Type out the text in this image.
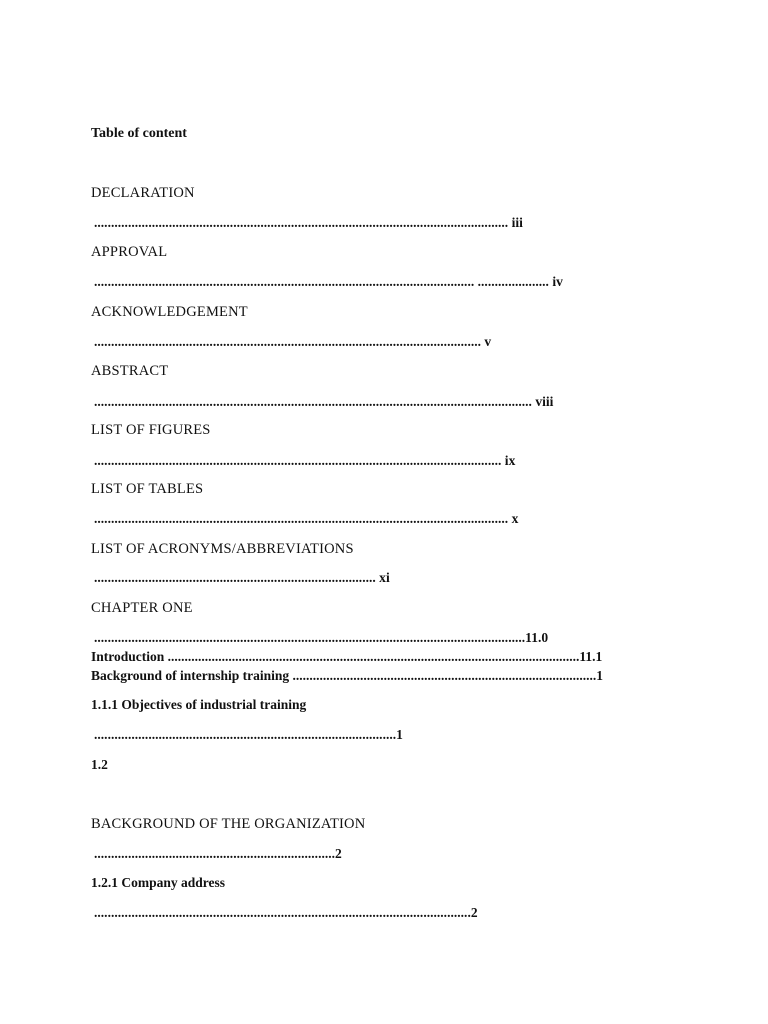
Table of content
DECLARATION
.......................................................................................................................... iii
APPROVAL
................................................................................................................ ..................... iv
ACKNOWLEDGEMENT
.................................................................................................................. v
ABSTRACT
................................................................................................................................. viii
LIST OF FIGURES
........................................................................................................................ ix
LIST OF TABLES
.......................................................................................................................... x
LIST OF ACRONYMS/ABBREVIATIONS
................................................................................... xi
CHAPTER ONE
...............................................................................................................................11.0
Introduction ..........................................................................................................................11.1
Background of internship training ..........................................................................................1
1.1.1 Objectives of industrial training
.........................................................................................1
1.2
BACKGROUND OF THE ORGANIZATION
.......................................................................2
1.2.1 Company address
...............................................................................................................2
